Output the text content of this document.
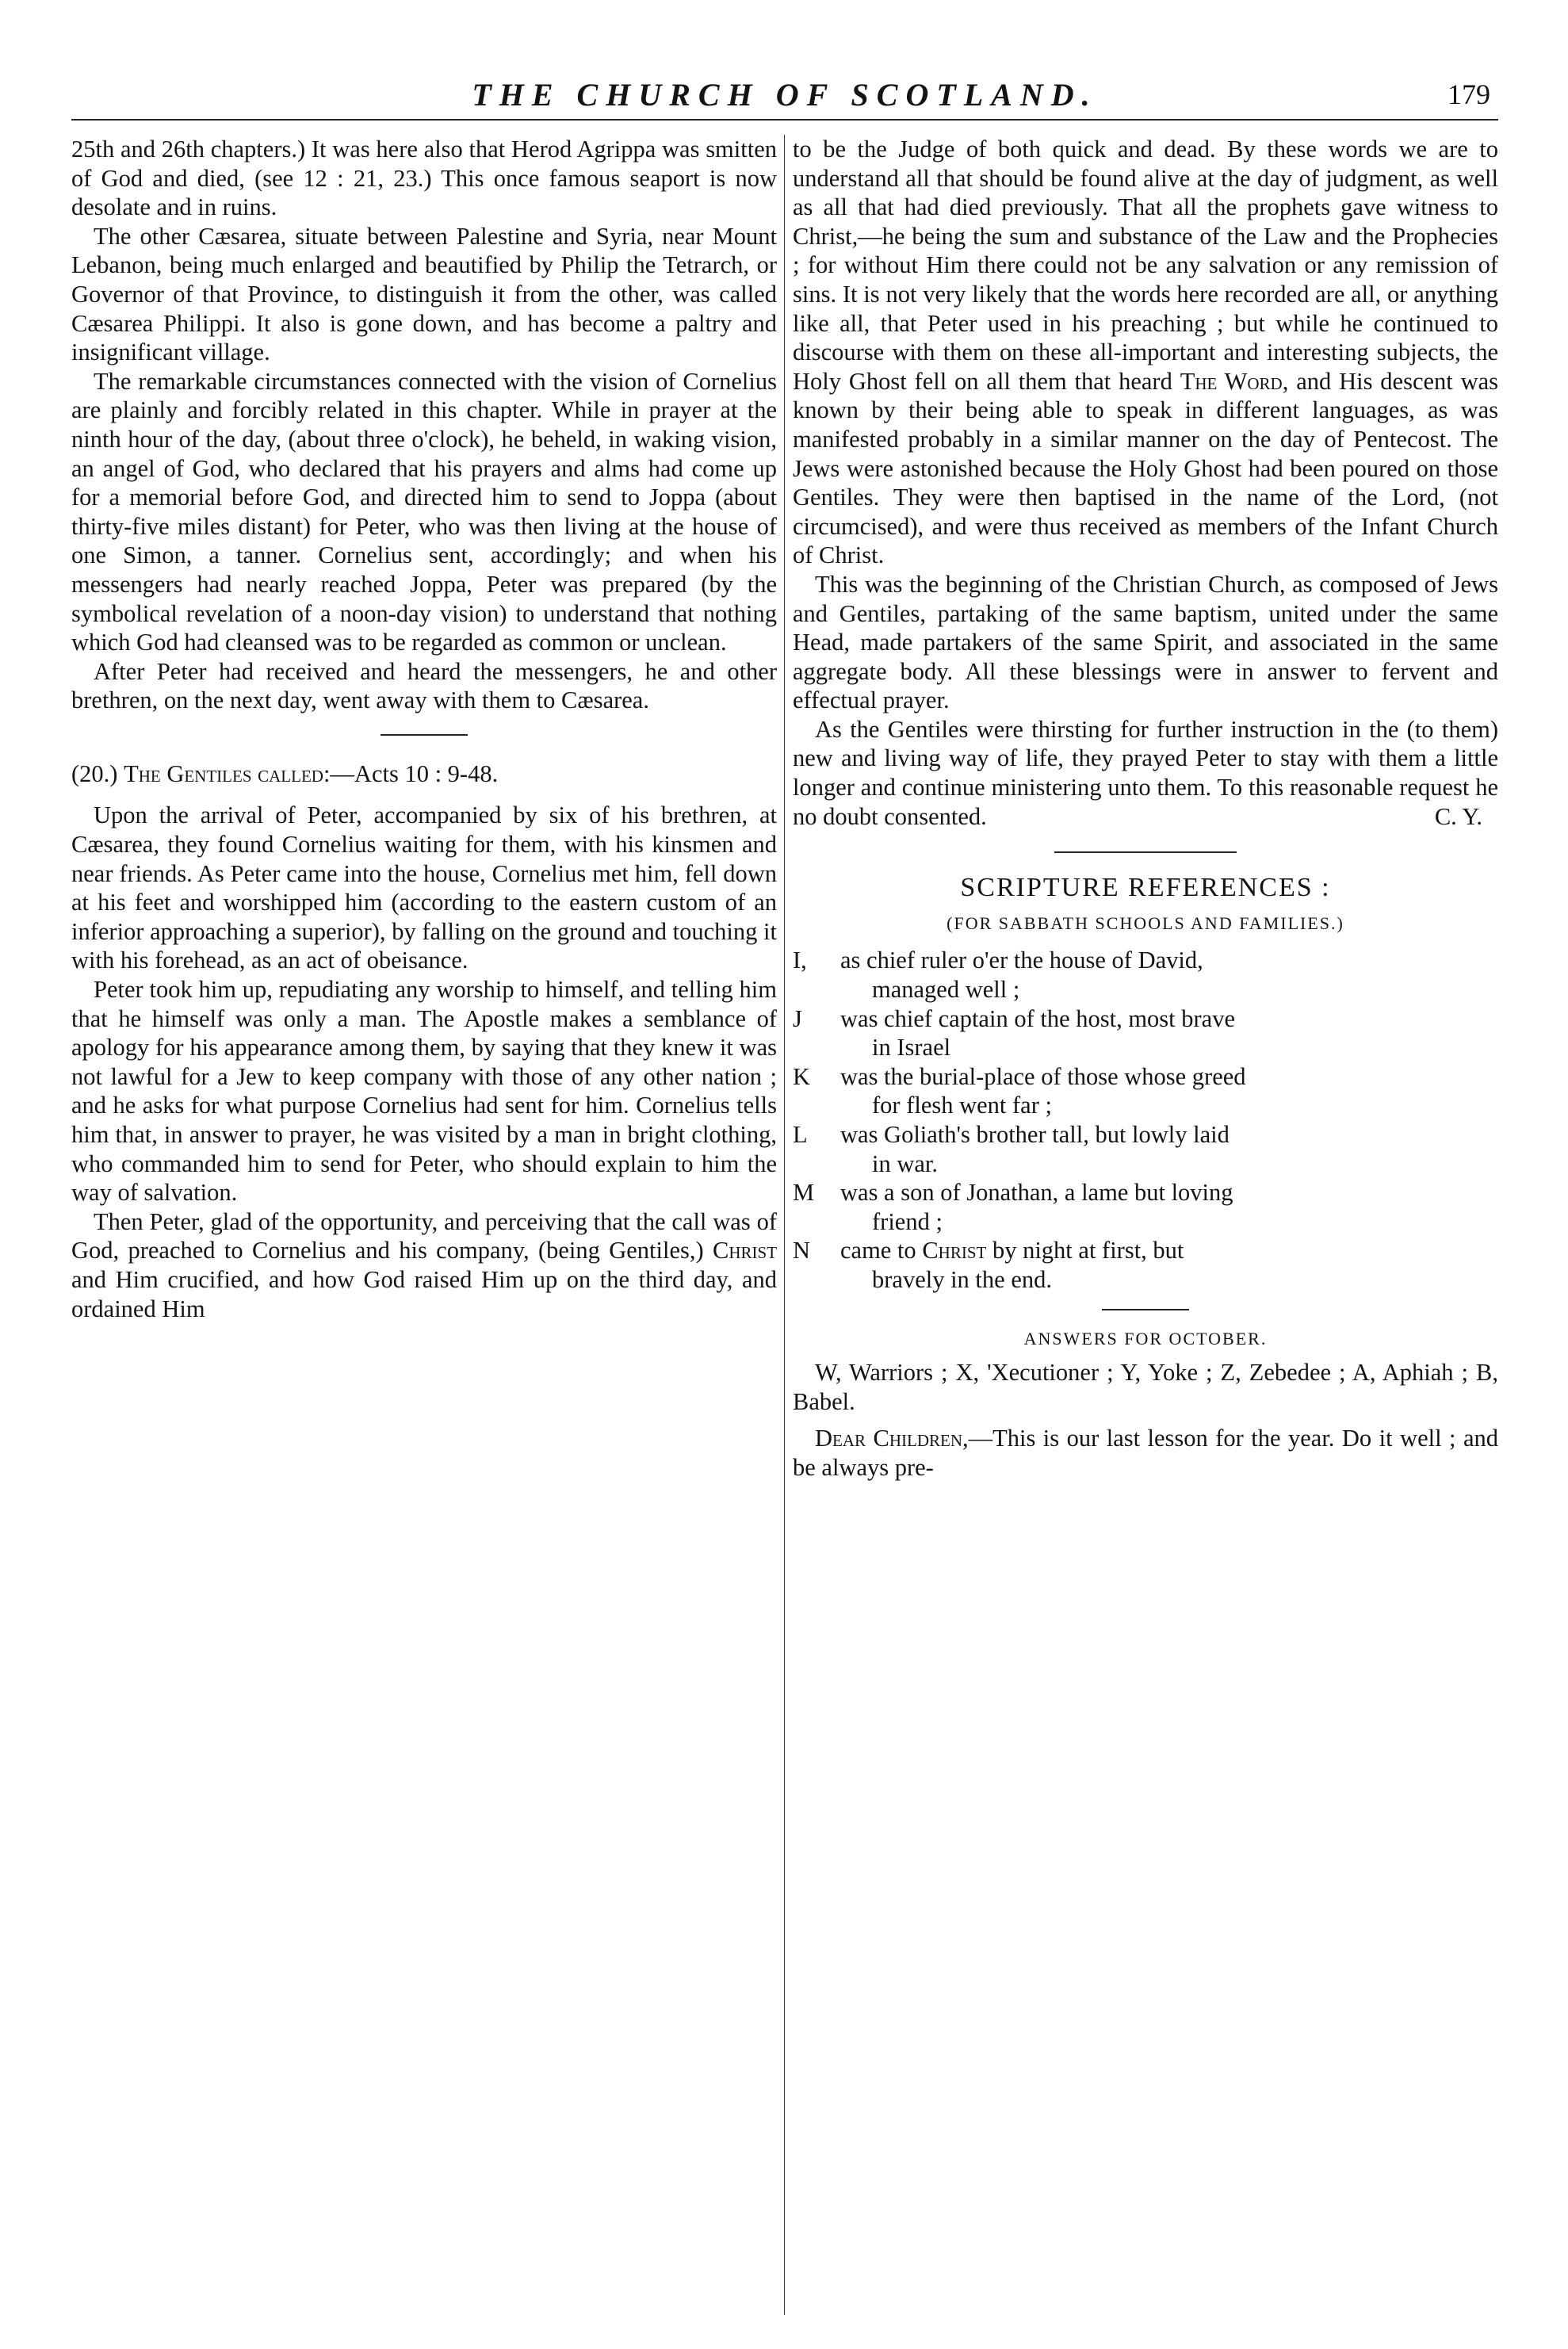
THE CHURCH OF SCOTLAND.	179

25th and 26th chapters.) It was here also that Herod Agrippa was smitten of God and died, (see 12 : 21, 23.) This once famous seaport is now desolate and in ruins.

The other Cæsarea, situate between Palestine and Syria, near Mount Lebanon, being much enlarged and beautified by Philip the Tetrarch, or Governor of that Province, to distinguish it from the other, was called Cæsarea Philippi. It also is gone down, and has become a paltry and insignificant village.

The remarkable circumstances connected with the vision of Cornelius are plainly and forcibly related in this chapter. While in prayer at the ninth hour of the day, (about three o'clock), he beheld, in waking vision, an angel of God, who declared that his prayers and alms had come up for a memorial before God, and directed him to send to Joppa (about thirty-five miles distant) for Peter, who was then living at the house of one Simon, a tanner. Cornelius sent, accordingly; and when his messengers had nearly reached Joppa, Peter was prepared (by the symbolical revelation of a noon-day vision) to understand that nothing which God had cleansed was to be regarded as common or unclean.

After Peter had received and heard the messengers, he and other brethren, on the next day, went away with them to Cæsarea.

(20.) The Gentiles called:—Acts 10 : 9-48.

Upon the arrival of Peter, accompanied by six of his brethren, at Cæsarea, they found Cornelius waiting for them, with his kinsmen and near friends. As Peter came into the house, Cornelius met him, fell down at his feet and worshipped him (according to the eastern custom of an inferior approaching a superior), by falling on the ground and touching it with his forehead, as an act of obeisance.

Peter took him up, repudiating any worship to himself, and telling him that he himself was only a man. The Apostle makes a semblance of apology for his appearance among them, by saying that they knew it was not lawful for a Jew to keep company with those of any other nation ; and he asks for what purpose Cornelius had sent for him. Cornelius tells him that, in answer to prayer, he was visited by a man in bright clothing, who commanded him to send for Peter, who should explain to him the way of salvation.

Then Peter, glad of the opportunity, and perceiving that the call was of God, preached to Cornelius and his company, (being Gentiles,) Christ and Him crucified, and how God raised Him up on the third day, and ordained Him

to be the Judge of both quick and dead. By these words we are to understand all that should be found alive at the day of judgment, as well as all that had died previously. That all the prophets gave witness to Christ,—he being the sum and substance of the Law and the Prophecies ; for without Him there could not be any salvation or any remission of sins. It is not very likely that the words here recorded are all, or anything like all, that Peter used in his preaching ; but while he continued to discourse with them on these all-important and interesting subjects, the Holy Ghost fell on all them that heard The Word, and His descent was known by their being able to speak in different languages, as was manifested probably in a similar manner on the day of Pentecost. The Jews were astonished because the Holy Ghost had been poured on those Gentiles. They were then baptised in the name of the Lord, (not circumcised), and were thus received as members of the Infant Church of Christ.

This was the beginning of the Christian Church, as composed of Jews and Gentiles, partaking of the same baptism, united under the same Head, made partakers of the same Spirit, and associated in the same aggregate body. All these blessings were in answer to fervent and effectual prayer.

As the Gentiles were thirsting for further instruction in the (to them) new and living way of life, they prayed Peter to stay with them a little longer and continue ministering unto them. To this reasonable request he no doubt consented.	C. Y.

SCRIPTURE REFERENCES :
(FOR SABBATH SCHOOLS AND FAMILIES.)
I, as chief ruler o'er the house of David,
managed well ;
J was chief captain of the host, most brave
in Israel
K was the burial-place of those whose greed
for flesh went far ;
L was Goliath's brother tall, but lowly laid
in war.
M was a son of Jonathan, a lame but loving
friend ;
N came to Christ by night at first, but
bravely in the end.
ANSWERS FOR OCTOBER.

W, Warriors ; X, 'Xecutioner ; Y, Yoke ; Z, Zebedee ; A, Aphiah ; B, Babel.

Dear Children,—This is our last lesson for the year. Do it well ; and be always pre-
